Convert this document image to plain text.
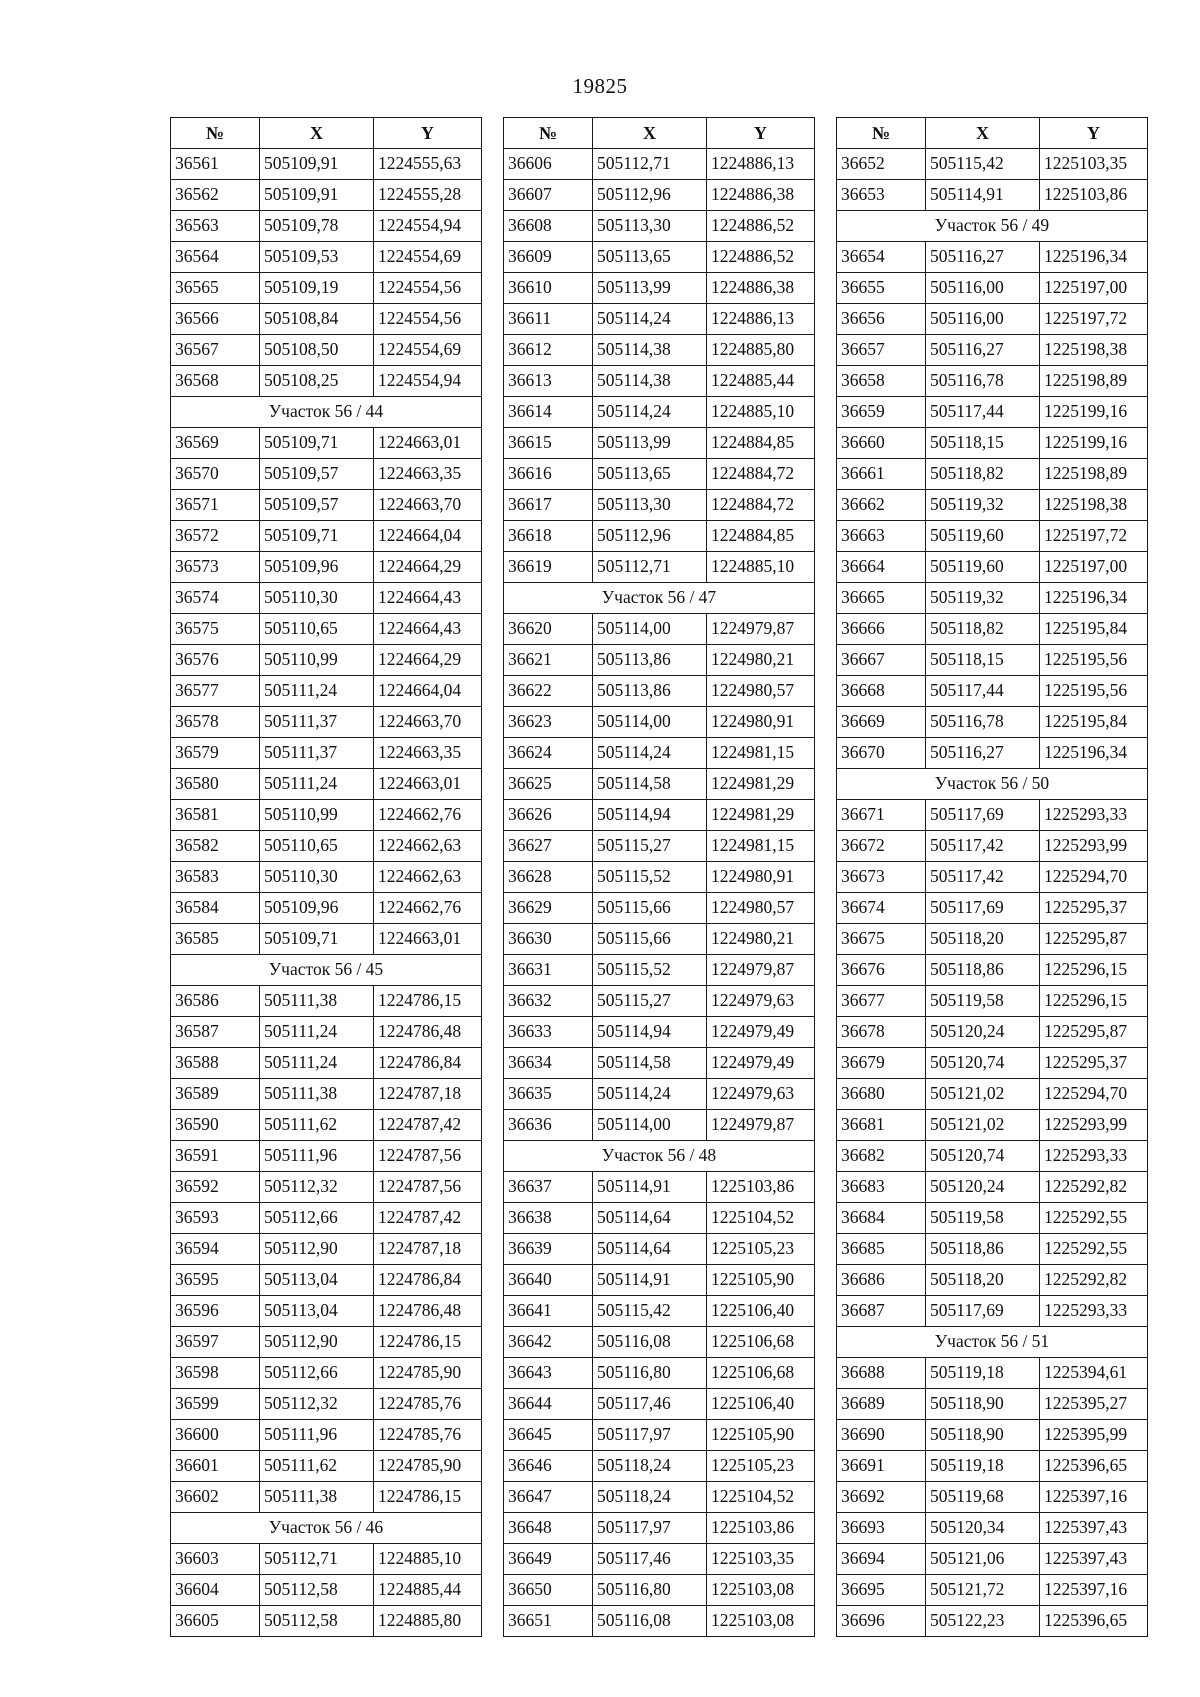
19825
№	X	Y
36561	505109,91	1224555,63
36562	505109,91	1224555,28
36563	505109,78	1224554,94
36564	505109,53	1224554,69
36565	505109,19	1224554,56
36566	505108,84	1224554,56
36567	505108,50	1224554,69
36568	505108,25	1224554,94
Участок 56 / 44		
36569	505109,71	1224663,01
36570	505109,57	1224663,35
36571	505109,57	1224663,70
36572	505109,71	1224664,04
36573	505109,96	1224664,29
36574	505110,30	1224664,43
36575	505110,65	1224664,43
36576	505110,99	1224664,29
36577	505111,24	1224664,04
36578	505111,37	1224663,70
36579	505111,37	1224663,35
36580	505111,24	1224663,01
36581	505110,99	1224662,76
36582	505110,65	1224662,63
36583	505110,30	1224662,63
36584	505109,96	1224662,76
36585	505109,71	1224663,01
Участок 56 / 45		
36586	505111,38	1224786,15
36587	505111,24	1224786,48
36588	505111,24	1224786,84
36589	505111,38	1224787,18
36590	505111,62	1224787,42
36591	505111,96	1224787,56
36592	505112,32	1224787,56
36593	505112,66	1224787,42
36594	505112,90	1224787,18
36595	505113,04	1224786,84
36596	505113,04	1224786,48
36597	505112,90	1224786,15
36598	505112,66	1224785,90
36599	505112,32	1224785,76
36600	505111,96	1224785,76
36601	505111,62	1224785,90
36602	505111,38	1224786,15
Участок 56 / 46		
36603	505112,71	1224885,10
36604	505112,58	1224885,44
36605	505112,58	1224885,80
№	X	Y
36606	505112,71	1224886,13
36607	505112,96	1224886,38
36608	505113,30	1224886,52
36609	505113,65	1224886,52
36610	505113,99	1224886,38
36611	505114,24	1224886,13
36612	505114,38	1224885,80
36613	505114,38	1224885,44
36614	505114,24	1224885,10
36615	505113,99	1224884,85
36616	505113,65	1224884,72
36617	505113,30	1224884,72
36618	505112,96	1224884,85
36619	505112,71	1224885,10
Участок 56 / 47		
36620	505114,00	1224979,87
36621	505113,86	1224980,21
36622	505113,86	1224980,57
36623	505114,00	1224980,91
36624	505114,24	1224981,15
36625	505114,58	1224981,29
36626	505114,94	1224981,29
36627	505115,27	1224981,15
36628	505115,52	1224980,91
36629	505115,66	1224980,57
36630	505115,66	1224980,21
36631	505115,52	1224979,87
36632	505115,27	1224979,63
36633	505114,94	1224979,49
36634	505114,58	1224979,49
36635	505114,24	1224979,63
36636	505114,00	1224979,87
Участок 56 / 48		
36637	505114,91	1225103,86
36638	505114,64	1225104,52
36639	505114,64	1225105,23
36640	505114,91	1225105,90
36641	505115,42	1225106,40
36642	505116,08	1225106,68
36643	505116,80	1225106,68
36644	505117,46	1225106,40
36645	505117,97	1225105,90
36646	505118,24	1225105,23
36647	505118,24	1225104,52
36648	505117,97	1225103,86
36649	505117,46	1225103,35
36650	505116,80	1225103,08
36651	505116,08	1225103,08
№	X	Y
36652	505115,42	1225103,35
36653	505114,91	1225103,86
Участок 56 / 49		
36654	505116,27	1225196,34
36655	505116,00	1225197,00
36656	505116,00	1225197,72
36657	505116,27	1225198,38
36658	505116,78	1225198,89
36659	505117,44	1225199,16
36660	505118,15	1225199,16
36661	505118,82	1225198,89
36662	505119,32	1225198,38
36663	505119,60	1225197,72
36664	505119,60	1225197,00
36665	505119,32	1225196,34
36666	505118,82	1225195,84
36667	505118,15	1225195,56
36668	505117,44	1225195,56
36669	505116,78	1225195,84
36670	505116,27	1225196,34
Участок 56 / 50		
36671	505117,69	1225293,33
36672	505117,42	1225293,99
36673	505117,42	1225294,70
36674	505117,69	1225295,37
36675	505118,20	1225295,87
36676	505118,86	1225296,15
36677	505119,58	1225296,15
36678	505120,24	1225295,87
36679	505120,74	1225295,37
36680	505121,02	1225294,70
36681	505121,02	1225293,99
36682	505120,74	1225293,33
36683	505120,24	1225292,82
36684	505119,58	1225292,55
36685	505118,86	1225292,55
36686	505118,20	1225292,82
36687	505117,69	1225293,33
Участок 56 / 51		
36688	505119,18	1225394,61
36689	505118,90	1225395,27
36690	505118,90	1225395,99
36691	505119,18	1225396,65
36692	505119,68	1225397,16
36693	505120,34	1225397,43
36694	505121,06	1225397,43
36695	505121,72	1225397,16
36696	505122,23	1225396,65
